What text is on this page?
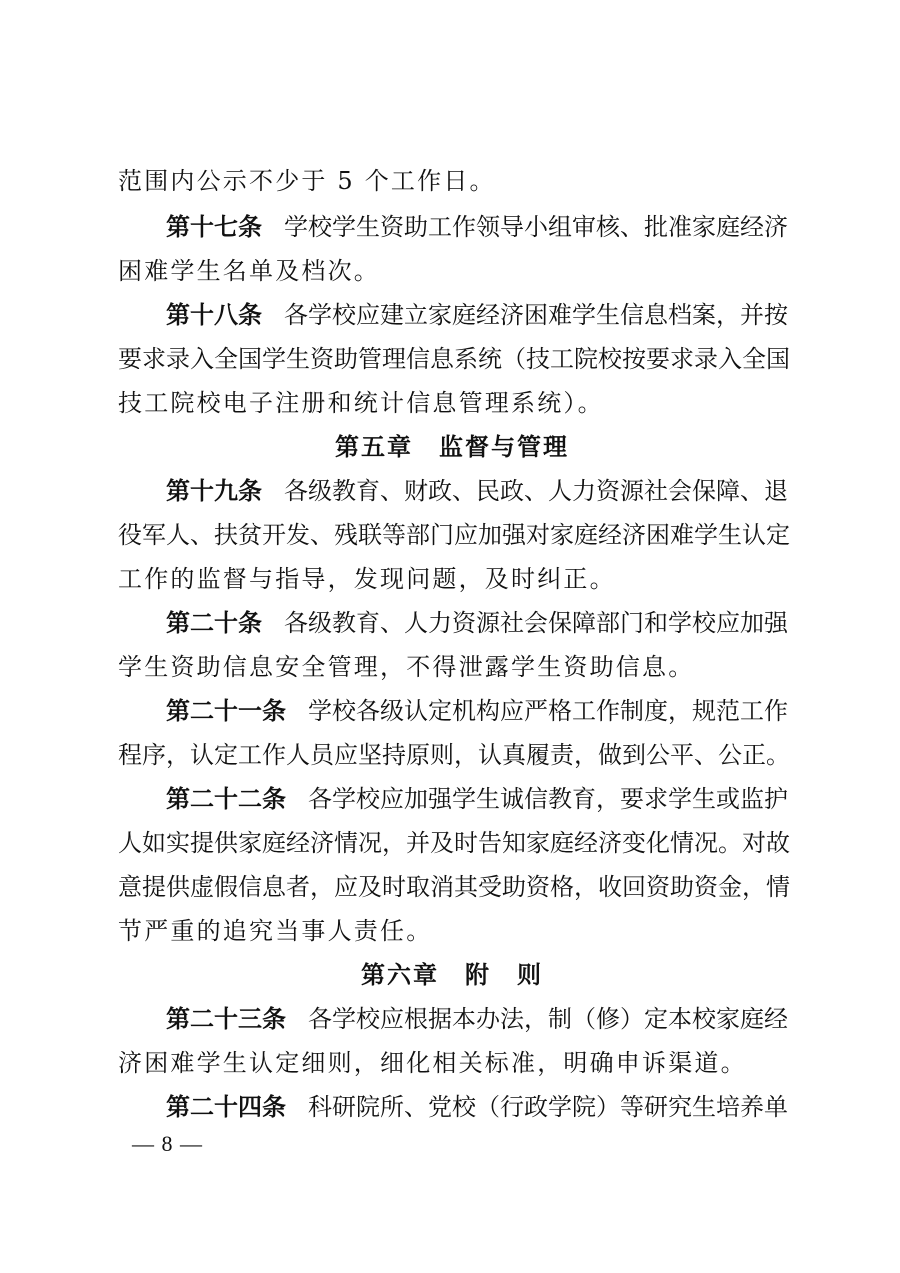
范围内公示不少于 5 个工作日。
第十七条 学校学生资助工作领导小组审核、批准家庭经济
困难学生名单及档次。
第十八条 各学校应建立家庭经济困难学生信息档案，并按
要求录入全国学生资助管理信息系统（技工院校按要求录入全国
技工院校电子注册和统计信息管理系统）。
第五章 监督与管理
第十九条 各级教育、财政、民政、人力资源社会保障、退
役军人、扶贫开发、残联等部门应加强对家庭经济困难学生认定
工作的监督与指导，发现问题，及时纠正。
第二十条 各级教育、人力资源社会保障部门和学校应加强
学生资助信息安全管理，不得泄露学生资助信息。
第二十一条 学校各级认定机构应严格工作制度，规范工作
程序，认定工作人员应坚持原则，认真履责，做到公平、公正。
第二十二条 各学校应加强学生诚信教育，要求学生或监护
人如实提供家庭经济情况，并及时告知家庭经济变化情况。对故
意提供虚假信息者，应及时取消其受助资格，收回资助资金，情
节严重的追究当事人责任。
第六章 附　则
第二十三条 各学校应根据本办法，制（修）定本校家庭经
济困难学生认定细则，细化相关标准，明确申诉渠道。
第二十四条 科研院所、党校（行政学院）等研究生培养单
— 8 —
